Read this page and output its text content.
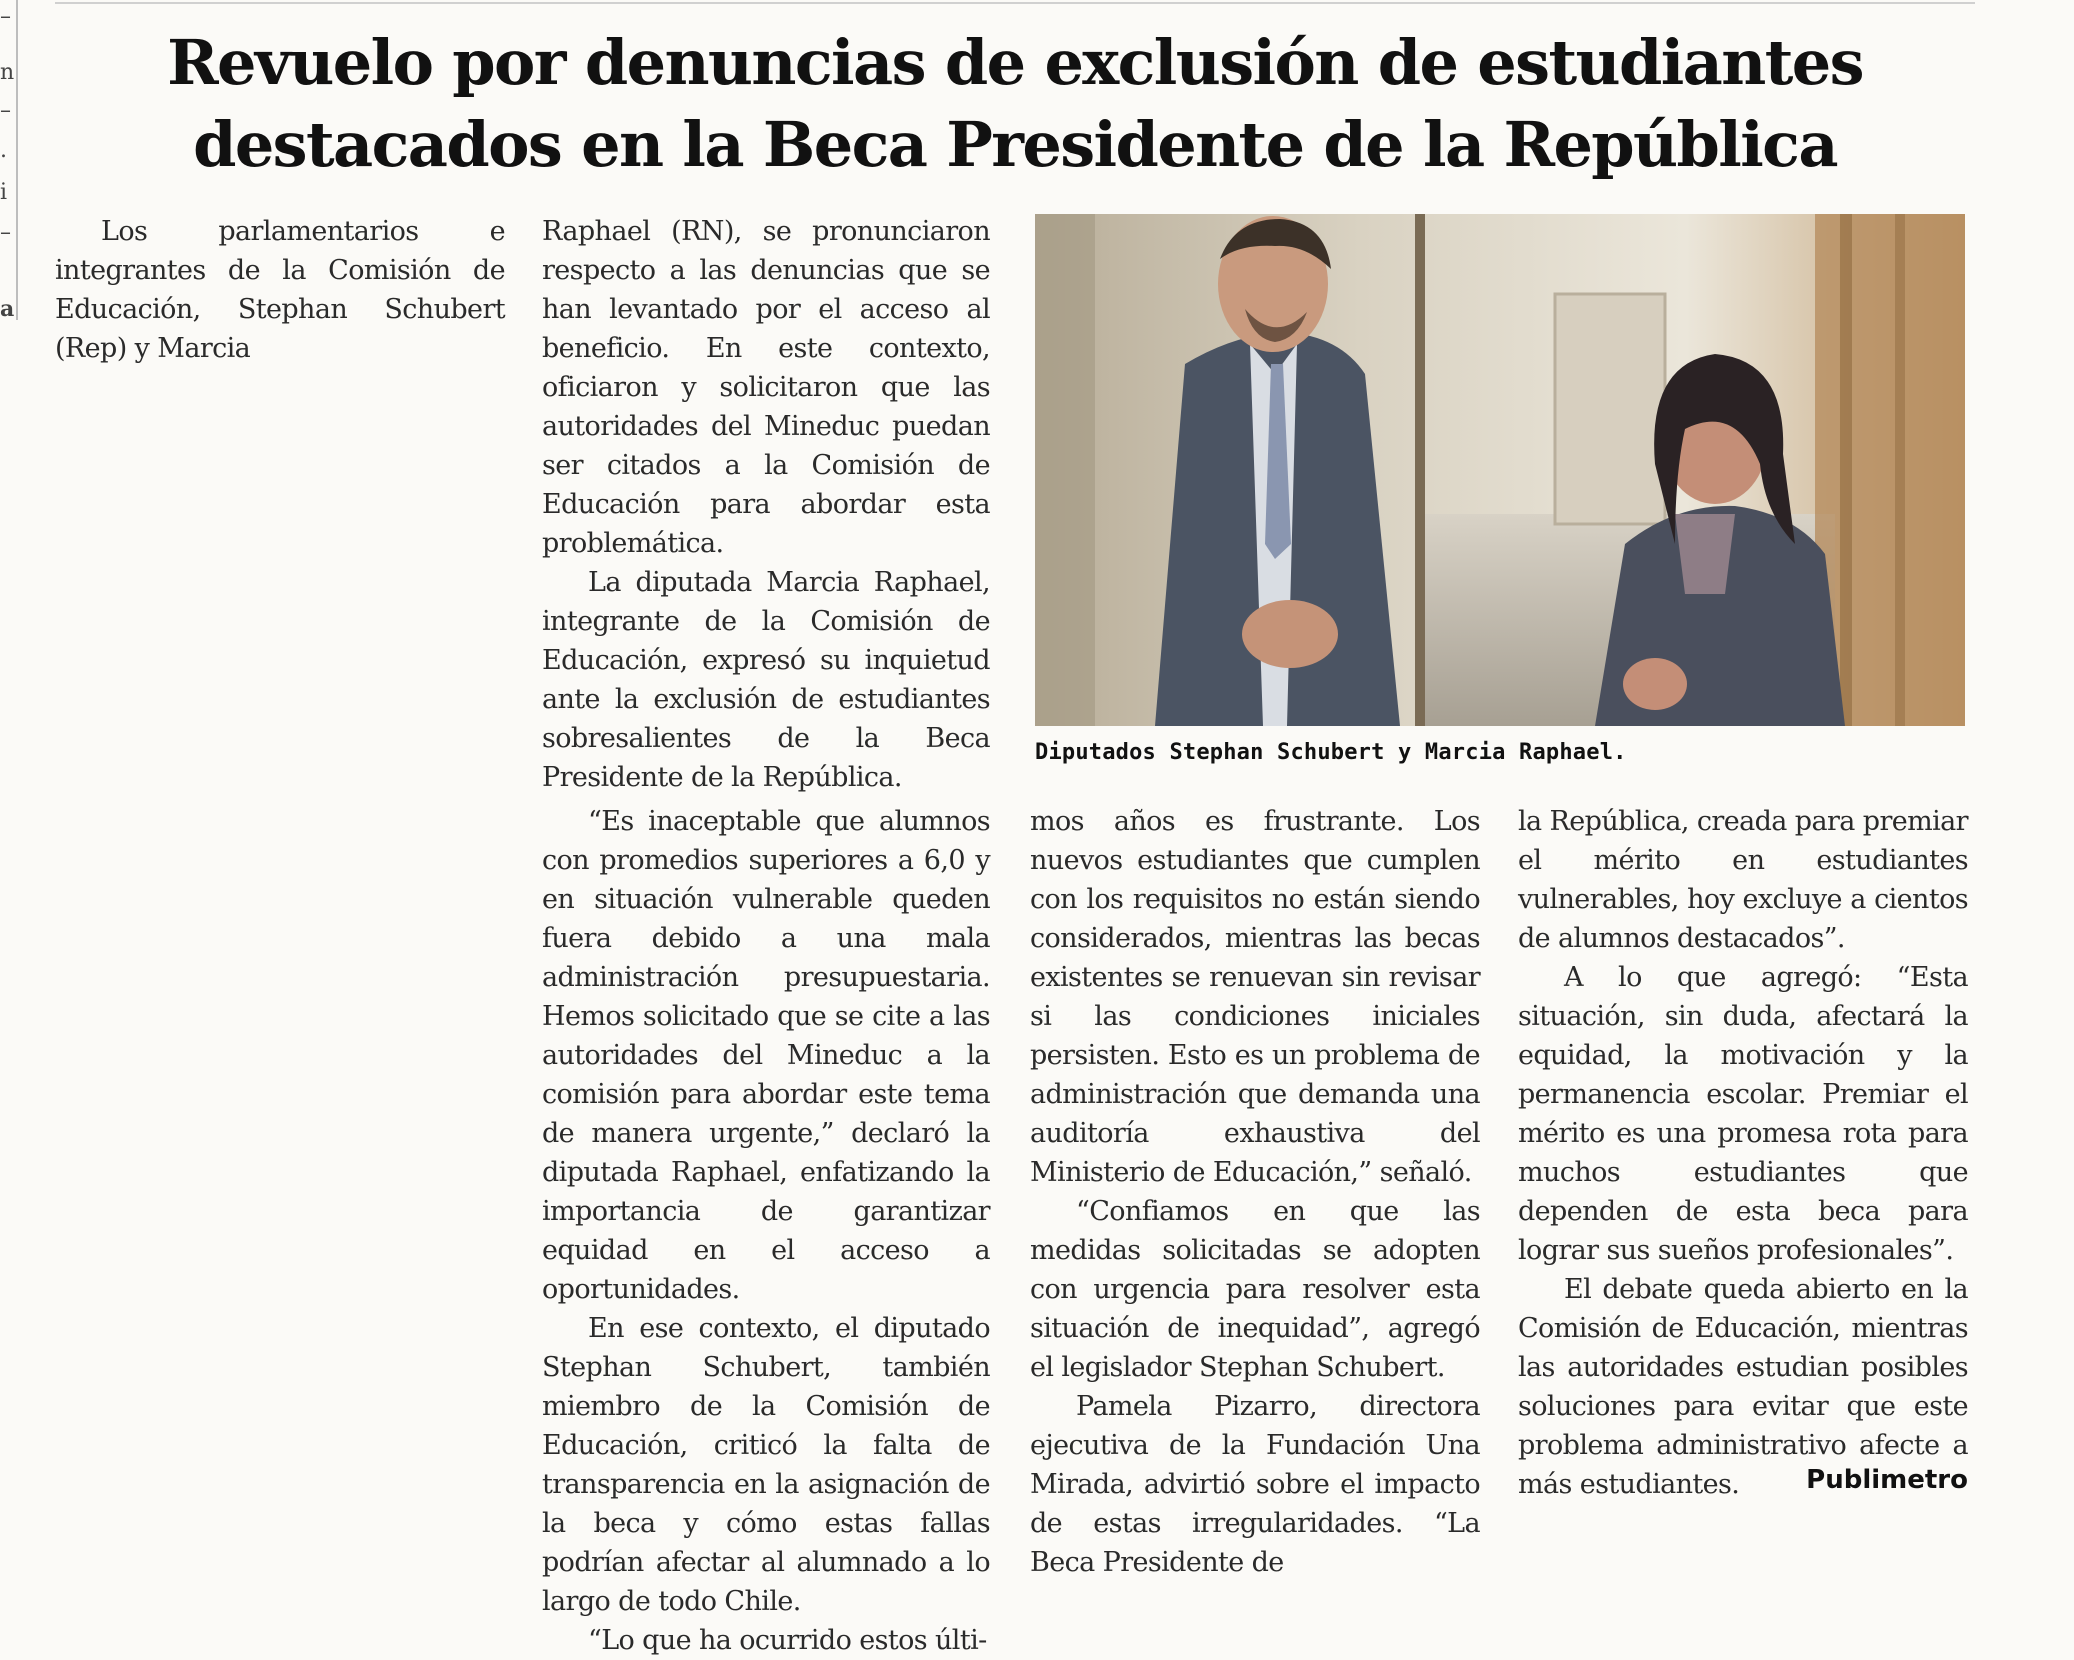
–
n
–
.
i
–
a
Revuelo por denuncias de exclusión de estudiantes
destacados en la Beca Presidente de la República

Los parlamentarios e integrantes de la Comisión de Educación, Stephan Schubert (Rep) y Marcia

Raphael (RN), se pronunciaron respecto a las denuncias que se han levantado por el acceso al beneficio. En este contexto, oficiaron y solicitaron que las autoridades del Mineduc puedan ser citados a la Comisión de Educación para abordar esta problemática.

La diputada Marcia Raphael, integrante de la Comisión de Educación, expresó su inquietud ante la exclusión de estudiantes sobresalientes de la Beca Presidente de la República.

Diputados Stephan Schubert y Marcia Raphael.

“Es inaceptable que alumnos con promedios superiores a 6,0 y en situación vulnerable queden fuera debido a una mala administración presupuestaria. Hemos solicitado que se cite a las autoridades del Mineduc a la comisión para abordar este tema de manera urgente,” declaró la diputada Raphael, enfatizando la importancia de garantizar equidad en el acceso a oportunidades.

En ese contexto, el diputado Stephan Schubert, también miembro de la Comisión de Educación, criticó la falta de transparencia en la asignación de la beca y cómo estas fallas podrían afectar al alumnado a lo largo de todo Chile.

“Lo que ha ocurrido estos últi-

mos años es frustrante. Los nuevos estudiantes que cumplen con los requisitos no están siendo considerados, mientras las becas existentes se renuevan sin revisar si las condiciones iniciales persisten. Esto es un problema de administración que demanda una auditoría exhaustiva del Ministerio de Educación,” señaló.

“Confiamos en que las medidas solicitadas se adopten con urgencia para resolver esta situación de inequidad”, agregó el legislador Stephan Schubert.

Pamela Pizarro, directora ejecutiva de la Fundación Una Mirada, advirtió sobre el impacto de estas irregularidades. “La Beca Presidente de

la República, creada para premiar el mérito en estudiantes vulnerables, hoy excluye a cientos de alumnos destacados”.

A lo que agregó: “Esta situación, sin duda, afectará la equidad, la motivación y la permanencia escolar. Premiar el mérito es una promesa rota para muchos estudiantes que dependen de esta beca para lograr sus sueños profesionales”.

El debate queda abierto en la Comisión de Educación, mientras las autoridades estudian posibles soluciones para evitar que este problema administrativo afecte a más estudiantes.	Publimetro
